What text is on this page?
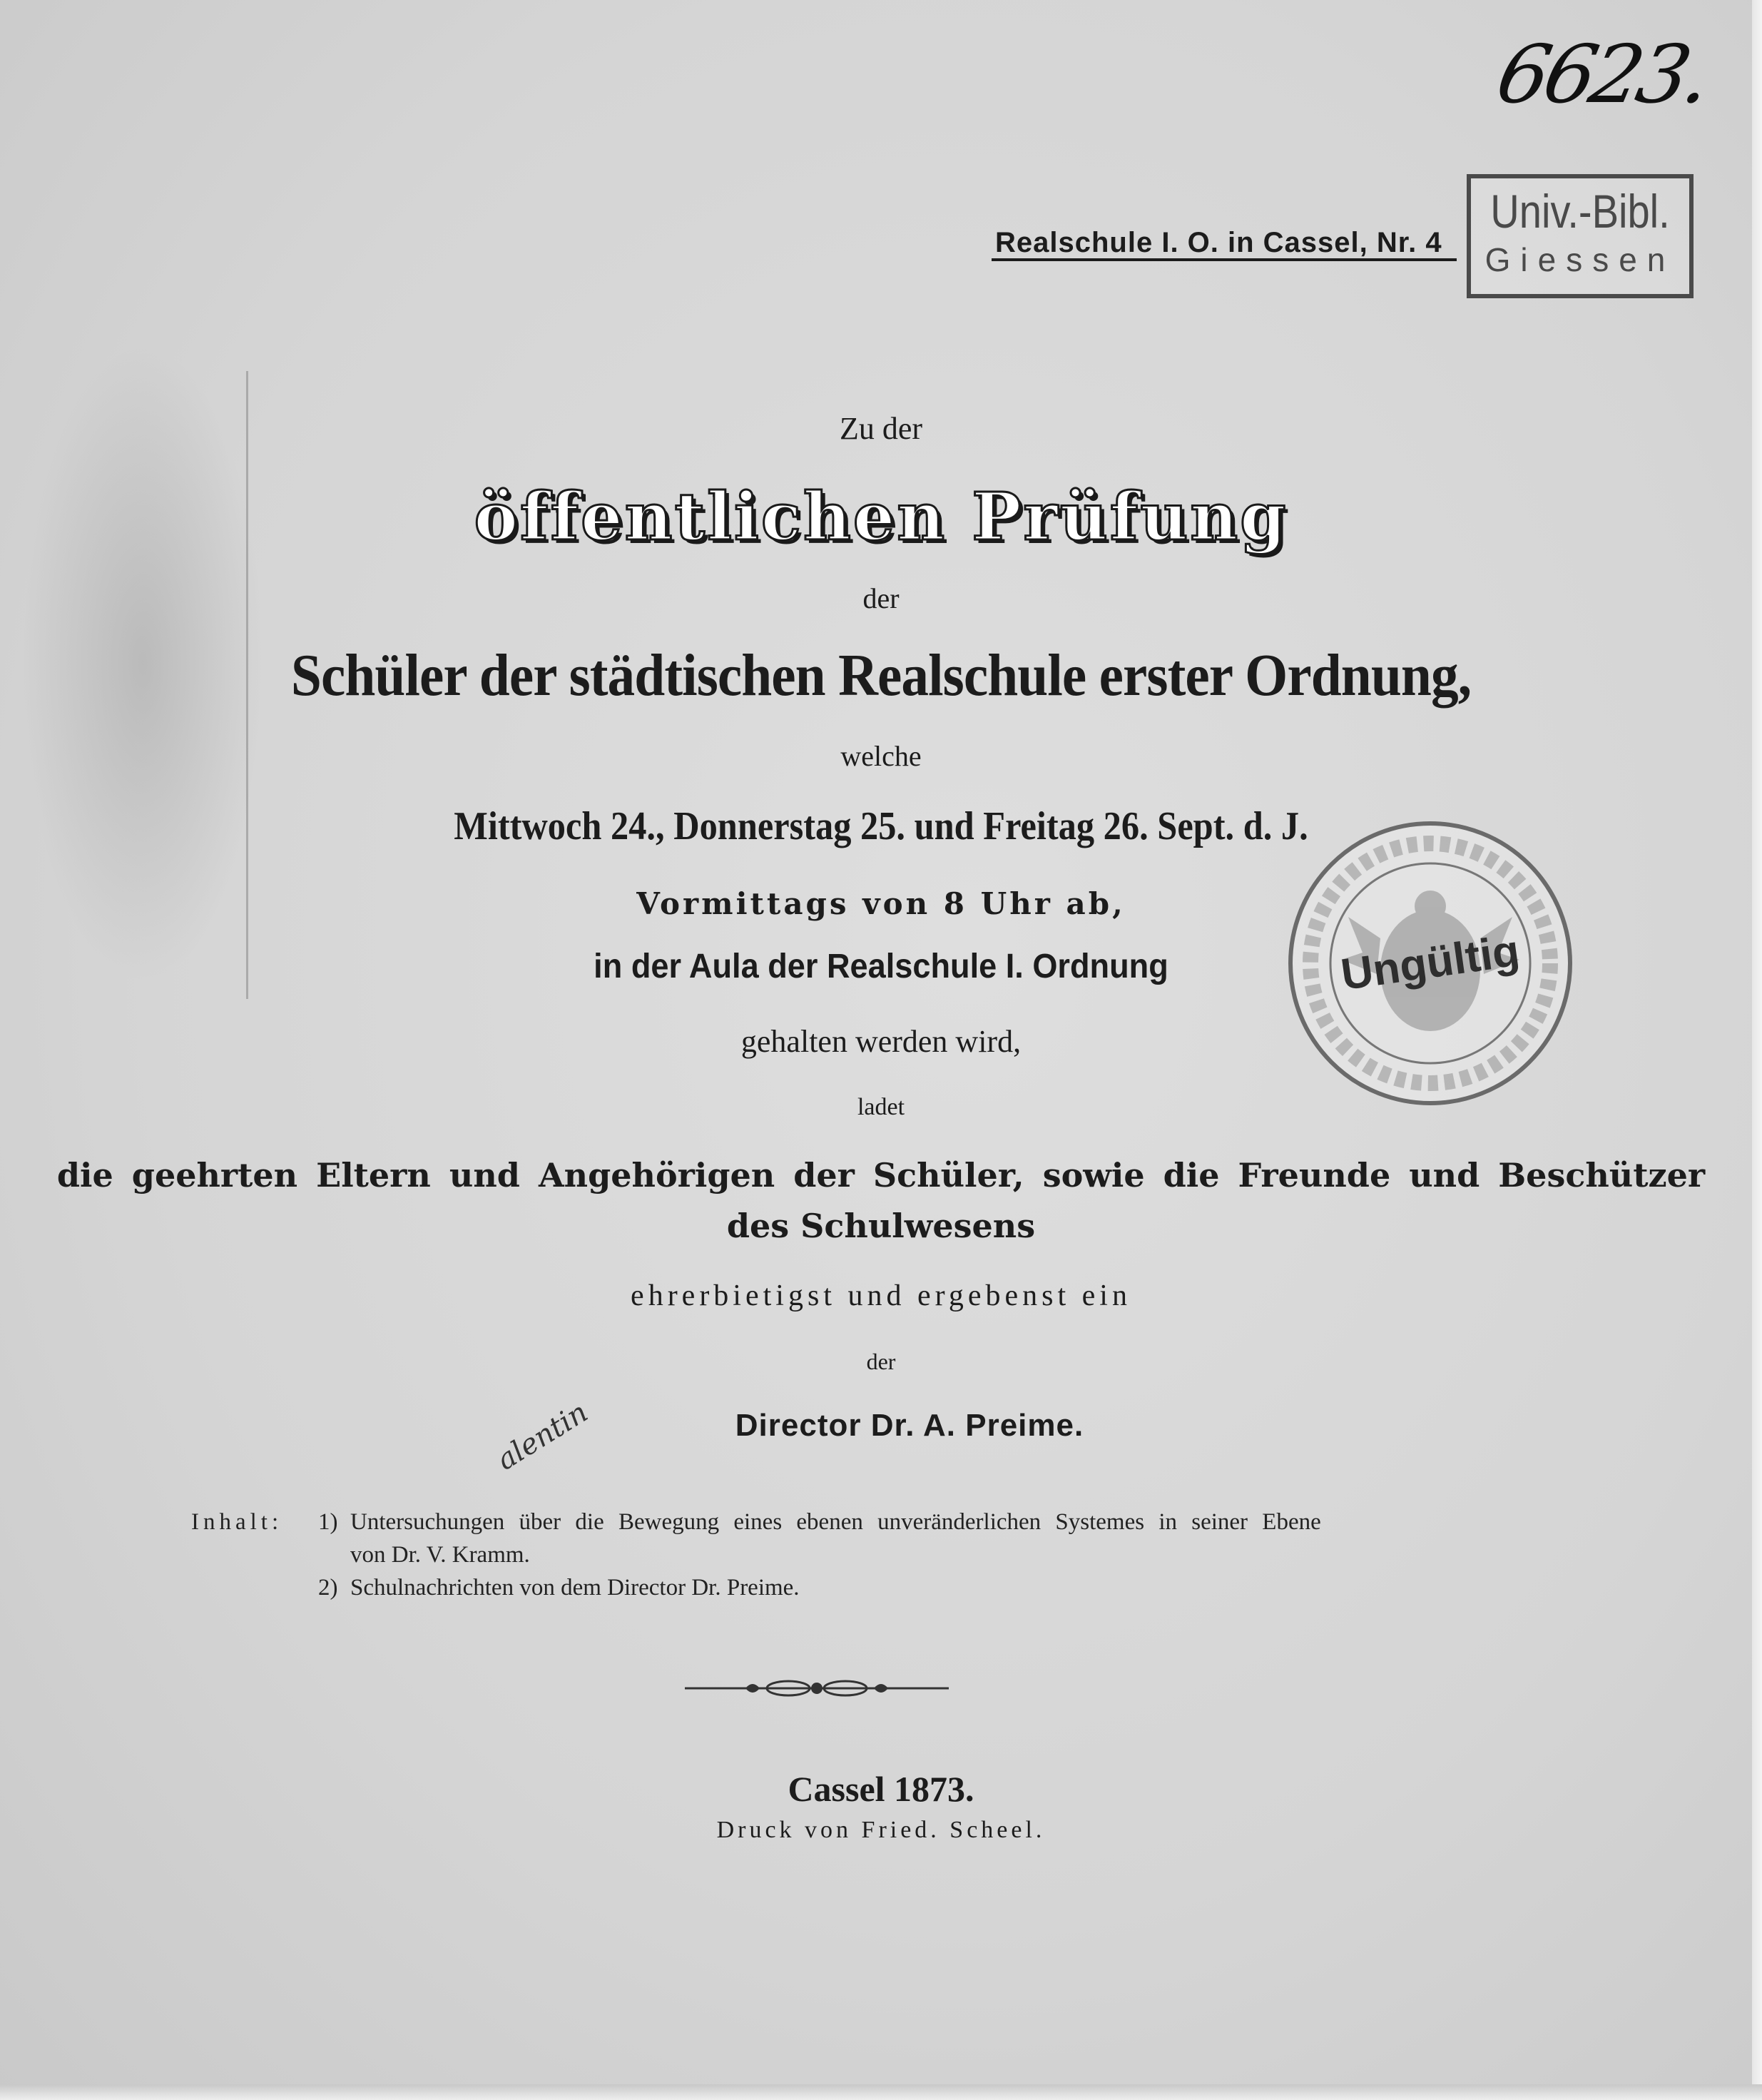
6623.
Realschule I. O. in Cassel, Nr. 4
Univ.-Bibl.
Giessen
Ungültig
alentin
Zu der
öffentlichen Prüfung
der
Schüler der städtischen Realschule erster Ordnung,
welche
Mittwoch 24., Donnerstag 25. und Freitag 26. Sept. d. J.
Vormittags von 8 Uhr ab,
in der Aula der Realschule I. Ordnung
gehalten werden wird,
ladet
die geehrten Eltern und Angehörigen der Schüler, sowie die Freunde und Beschützer
des Schulwesens
ehrerbietigst und ergebenst ein
der
Director Dr. A. Preime.
Inhalt: 1) Untersuchungen über die Bewegung eines ebenen unveränderlichen Systemes in seiner Ebene
von Dr. V. Kramm.
2) Schulnachrichten von dem Director Dr. Preime.
Cassel 1873.
Druck von Fried. Scheel.
